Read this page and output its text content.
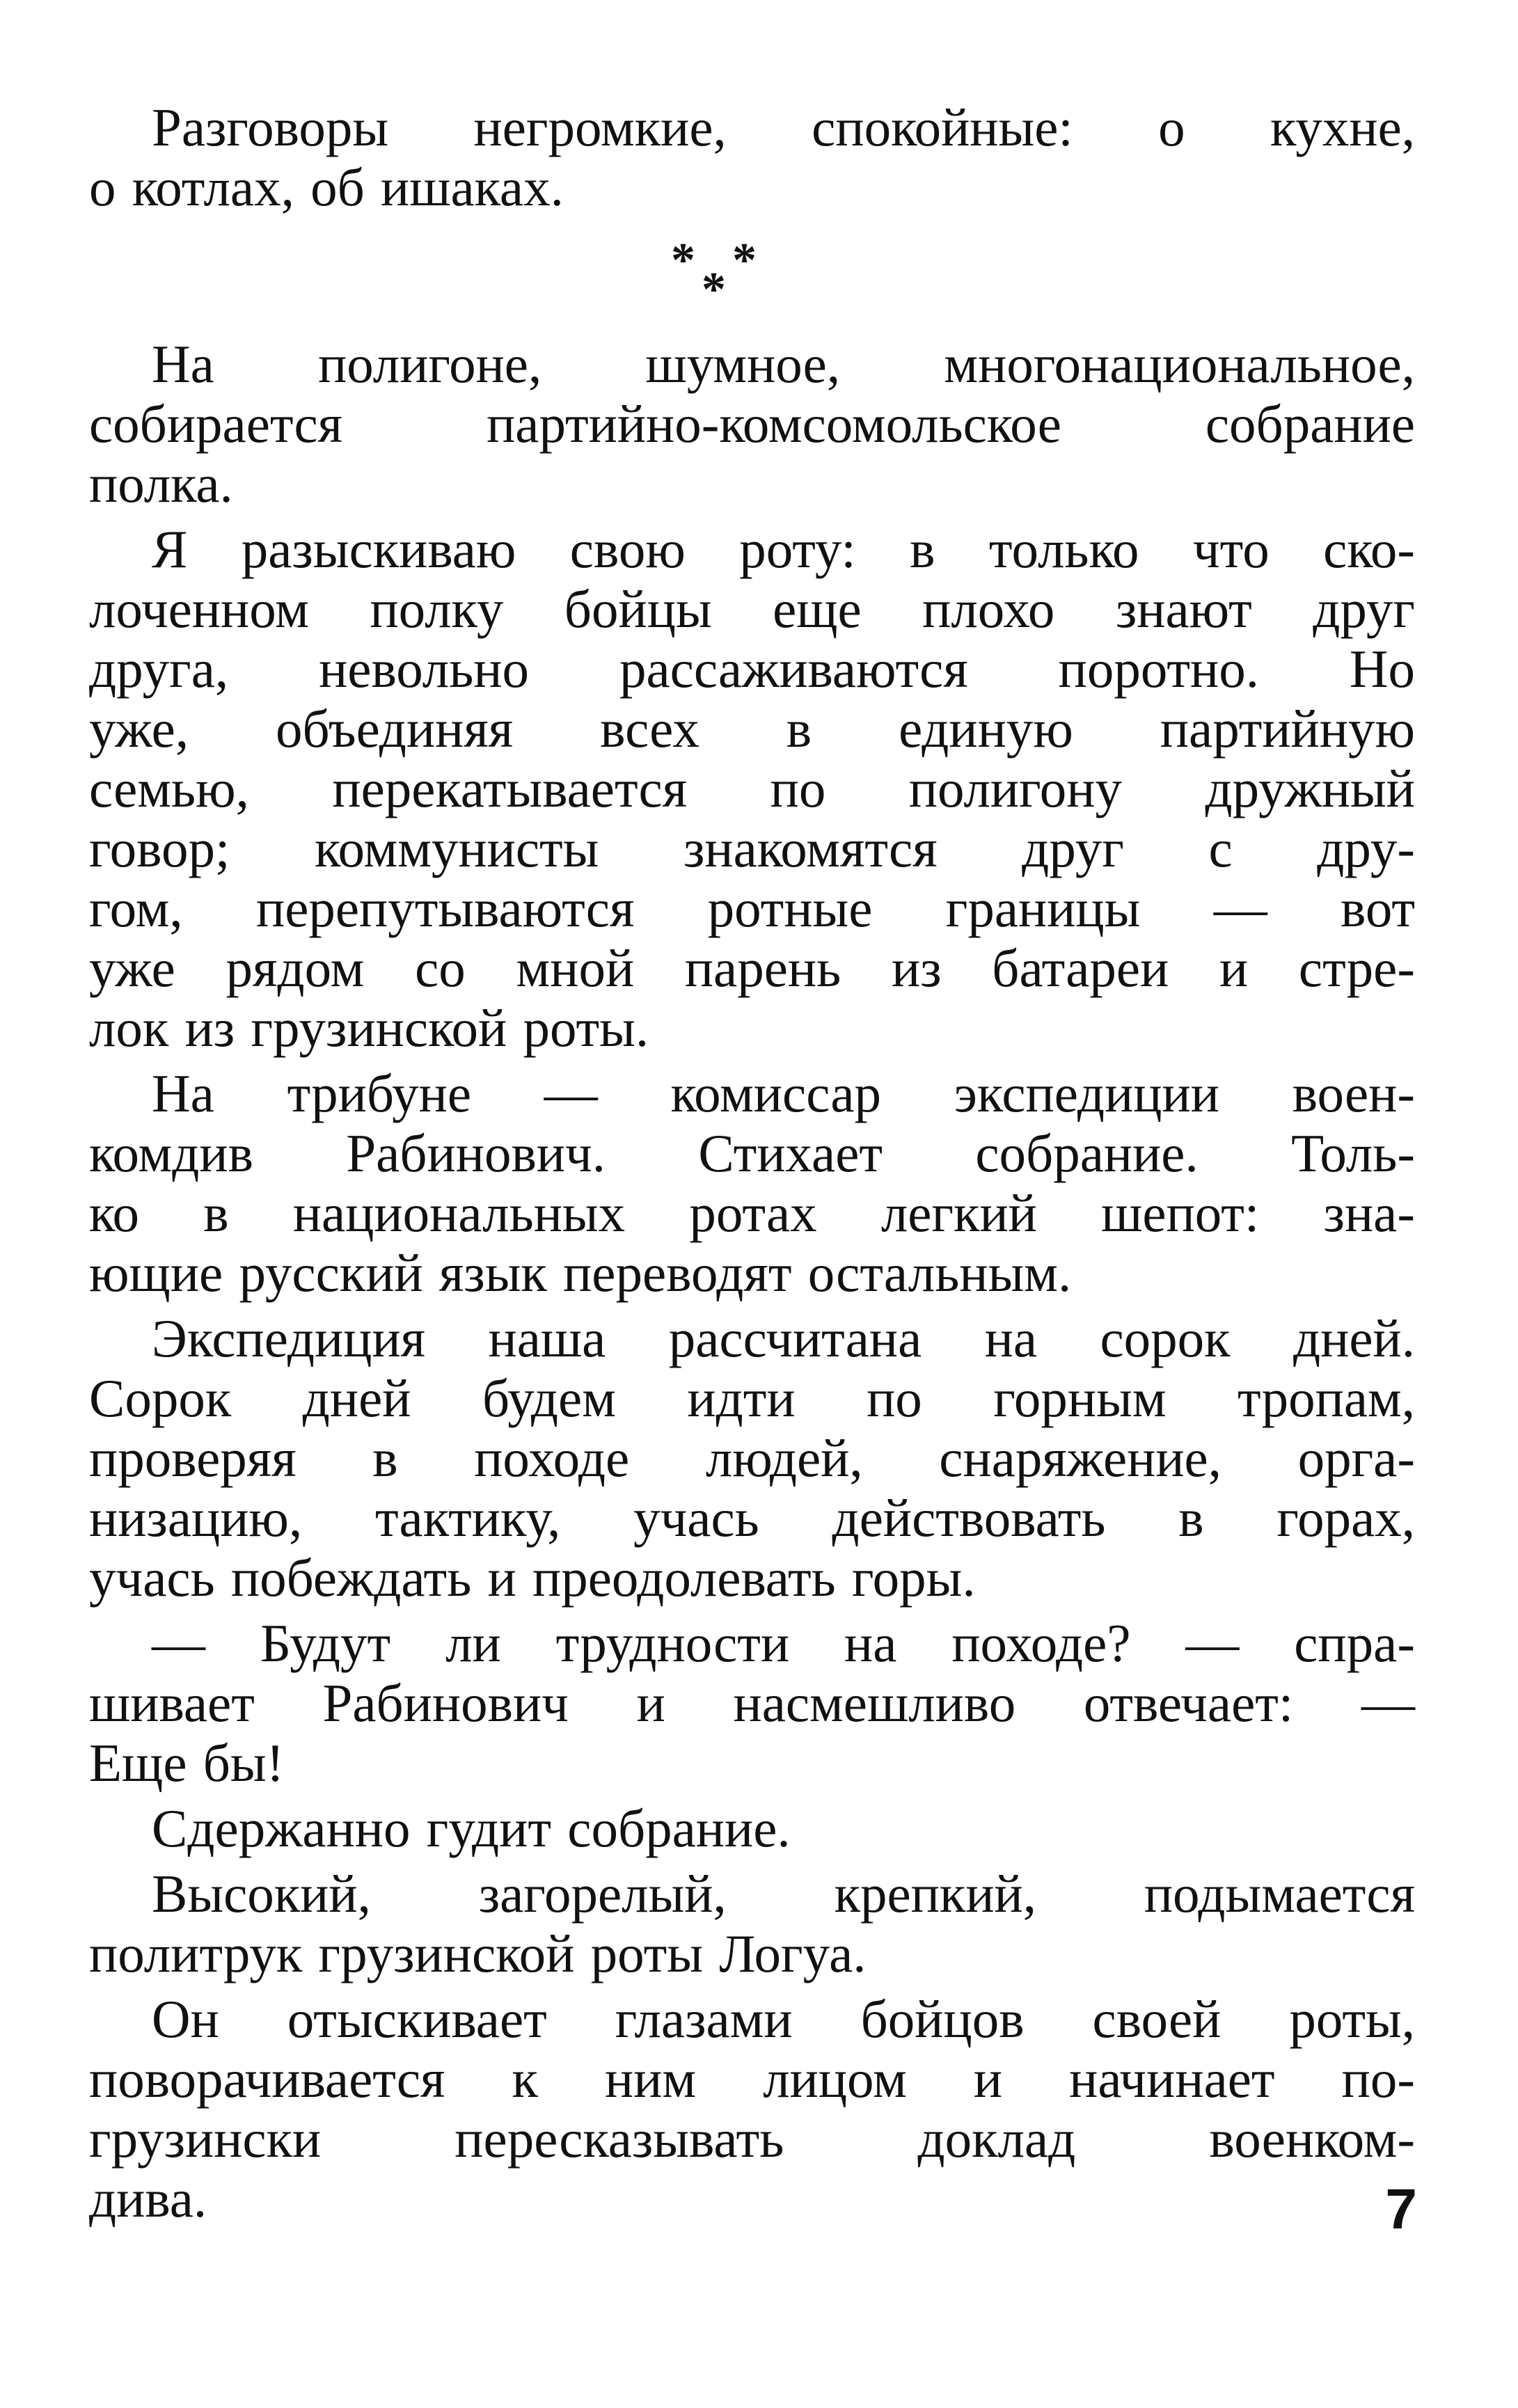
Разговоры негромкие, спокойные: о кухне,
о котлах, об ишаках.

*
*
*

На полигоне, шумное, многонациональное,
собирается партийно-комсомольское собрание
полка.

Я разыскиваю свою роту: в только что ско-
лоченном полку бойцы еще плохо знают друг
друга, невольно рассаживаются поротно. Но
уже, объединяя всех в единую партийную
семью, перекатывается по полигону дружный
говор; коммунисты знакомятся друг с дру-
гом, перепутываются ротные границы — вот
уже рядом со мной парень из батареи и стре-
лок из грузинской роты.

На трибуне — комиссар экспедиции воен-
комдив Рабинович. Стихает собрание. Толь-
ко в национальных ротах легкий шепот: зна-
ющие русский язык переводят остальным.

Экспедиция наша рассчитана на сорок дней.
Сорок дней будем идти по горным тропам,
проверяя в походе людей, снаряжение, орга-
низацию, тактику, учась действовать в горах,
учась побеждать и преодолевать горы.

— Будут ли трудности на походе? — спра-
шивает Рабинович и насмешливо отвечает: —
Еще бы!

Сдержанно гудит собрание.

Высокий, загорелый, крепкий, подымается
политрук грузинской роты Логуа.

Он отыскивает глазами бойцов своей роты,
поворачивается к ним лицом и начинает по-
грузински пересказывать доклад военком-
дива.	7
